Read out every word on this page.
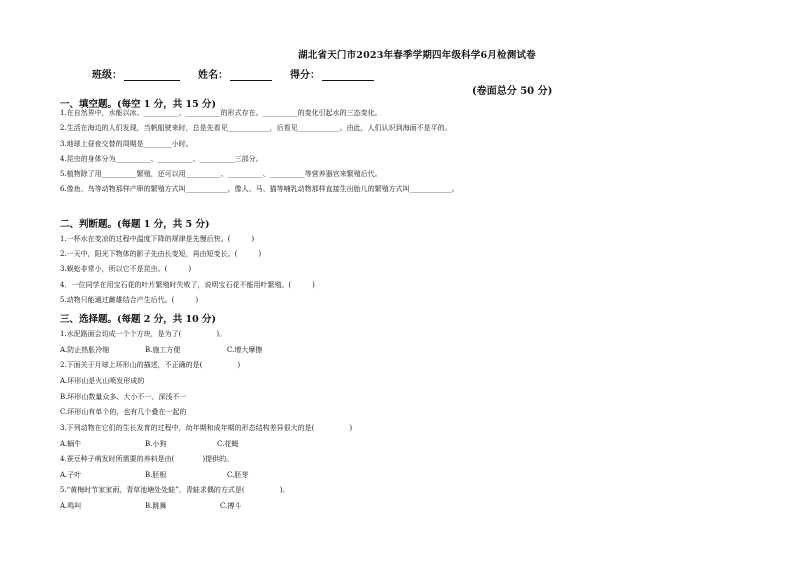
湖北省天门市2023年春季学期四年级科学6月检测试卷
班级：	姓名：	得分：
(卷面总分 50 分)
一、填空题。(每空 1 分，共 15 分)
1.在自然界中，水能以冰、__________、__________的形式存在。__________的变化引起水的三态变化。
2.生活在海边的人们发现，当帆船驶来时，总是先看见____________，后看见____________。由此，人们认识到海面不是平的。
3.地球上昼夜交替的周期是________小时。
4.昆虫的身体分为__________、__________、__________三部分。
5.植物除了用__________繁殖，还可以用__________、__________、__________等营养器官来繁殖后代。
6.像鱼、鸟等动物那样产卵的繁殖方式叫____________，像人、马、猫等哺乳动物那样直接生出胎儿的繁殖方式叫____________。
二、判断题。(每题 1 分，共 5 分)
1.一杯水在变凉的过程中温度下降的规律是先慢后快。(　　　)
2.一天中，阳光下物体的影子先由长变短，再由短变长。(　　　)
3.蜈蚣非常小，所以它不是昆虫。(　　　)
4．一位同学在用宝石花的叶片繁殖时失败了，说明宝石花不能用叶繁殖。(　　　)
5.动物只能通过雌雄结合产生后代。(　　　)
三、选择题。(每题 2 分，共 10 分)
1.水泥路面会切成一个个方块，是为了(　　　　　)。
A.防止热胀冷缩	B.施工方便	C.增大摩擦
2.下面关于月球上环形山的描述，不正确的是(　　　　　)
A.环形山是火山喷发形成的
B.环形山数量众多、大小不一、深浅不一
C.环形山有单个的，也有几个叠在一起的
3.下列动物在它们的生长发育的过程中，幼年期和成年期的形态结构差异很大的是(　　　　　)
A.蜗牛	B.小狗	C.花蝇
4.蚕豆种子萌发时所需要的养料是由(　　　　)提供的。
A.子叶	B.胚根	C.胚芽
5.“黄梅时节家家雨，青草池塘处处蛙”，青蛙求偶的方式是(　　　　　)。
A.鸣叫	B.跳舞	C.搏斗
